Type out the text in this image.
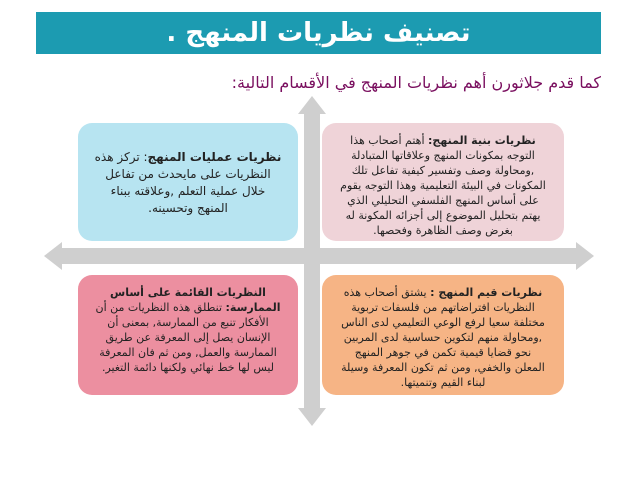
تصنيف نظريات المنهج .
كما قدم جلاثورن أهم نظريات المنهج في الأقسام التالية:
نظريات عمليات المنهج: تركز هذه النظريات على مايحدث من تفاعل خلال عملية التعلم ,وعلاقته ببناء المنهج وتحسينه.
نظريات بنية المنهج: أهتم أصحاب هذا التوجه بمكونات المنهج وعلاقاتها المتبادلة ,ومحاولة وصف وتفسير كيفية تفاعل تلك المكونات في البيئة التعليمية وهذا التوجه يقوم على أساس المنهج الفلسفي التحليلي الذي يهتم بتحليل الموضوع إلى أجزائه المكونة له بغرض وصف الظاهرة وفحصها.
النظريات القائمة على أساس الممارسة: تنطلق هذه النظريات من أن الأفكار تنبع من الممارسة, بمعنى أن الإنسان يصل إلى المعرفة عن طريق الممارسة والعمل, ومن ثم فان المعرفة ليس لها خط نهائي ولكنها دائمة التغير.
نظريات قيم المنهج : يشتق أصحاب هذه النظريات افتراضاتهم من فلسفات تربوية مختلفة سعيا لرفع الوعي التعليمي لدى الناس ,ومحاولة منهم لتكوين حساسية لدى المربين نحو قضايا قيمية تكمن في جوهر المنهج المعلن والخفي, ومن ثم تكون المعرفة وسيلة لبناء القيم وتنميتها.
